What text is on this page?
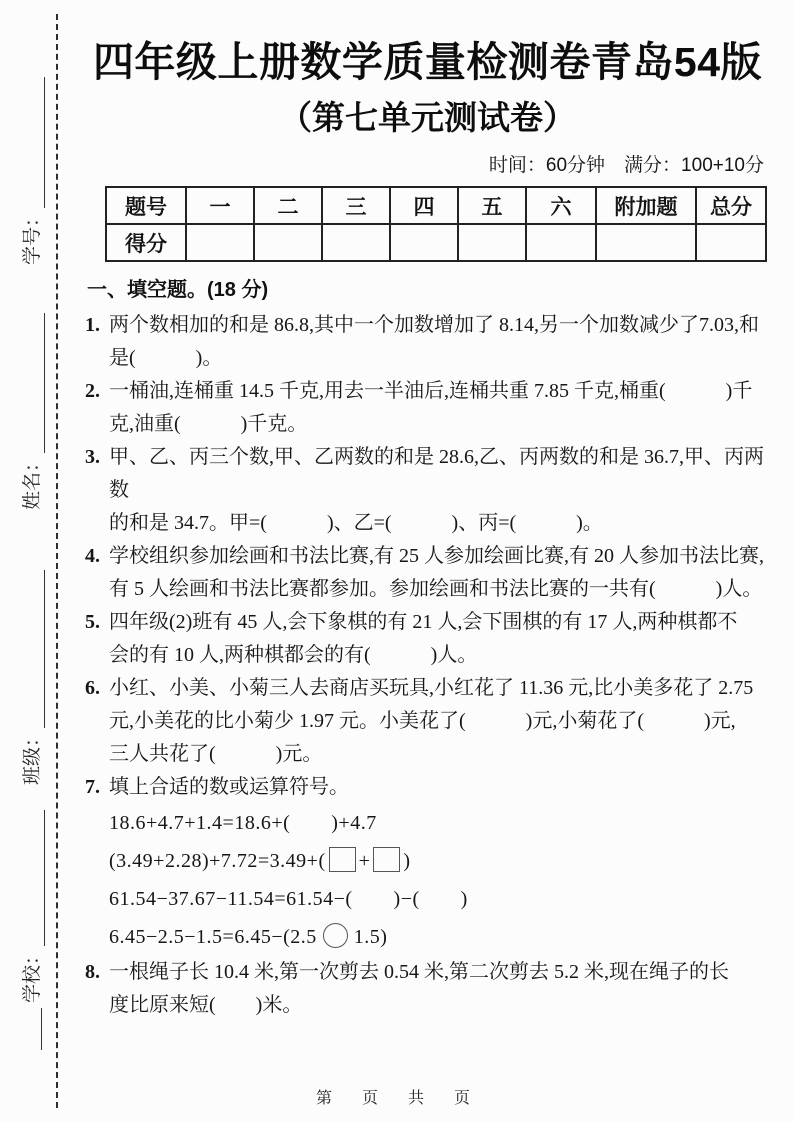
学号：
姓名：
班级：
学校：
四年级上册数学质量检测卷青岛54版
（第七单元测试卷）
时间：60分钟　满分：100+10分
题号	一	二	三	四	五	六	附加题	总分
得分								
一、填空题。(18 分)
1. 两个数相加的和是 86.8,其中一个加数增加了 8.14,另一个加数减少了7.03,和
是(　　　)。
2. 一桶油,连桶重 14.5 千克,用去一半油后,连桶共重 7.85 千克,桶重(　　　)千
克,油重(　　　)千克。
3. 甲、乙、丙三个数,甲、乙两数的和是 28.6,乙、丙两数的和是 36.7,甲、丙两数
的和是 34.7。甲=(　　　)、乙=(　　　)、丙=(　　　)。
4. 学校组织参加绘画和书法比赛,有 25 人参加绘画比赛,有 20 人参加书法比赛,
有 5 人绘画和书法比赛都参加。参加绘画和书法比赛的一共有(　　　)人。
5. 四年级(2)班有 45 人,会下象棋的有 21 人,会下围棋的有 17 人,两种棋都不
会的有 10 人,两种棋都会的有(　　　)人。
6. 小红、小美、小菊三人去商店买玩具,小红花了 11.36 元,比小美多花了 2.75
元,小美花的比小菊少 1.97 元。小美花了(　　　)元,小菊花了(　　　)元,
三人共花了(　　　)元。
7. 填上合适的数或运算符号。
18.6+4.7+1.4=18.6+(　　)+4.7
(3.49+2.28)+7.72=3.49+( + )
61.54−37.67−11.54=61.54−(　　)−(　　)
6.45−2.5−1.5=6.45−(2.5 1.5)
8. 一根绳子长 10.4 米,第一次剪去 0.54 米,第二次剪去 5.2 米,现在绳子的长
度比原来短(　　)米。
第　页　共　页
